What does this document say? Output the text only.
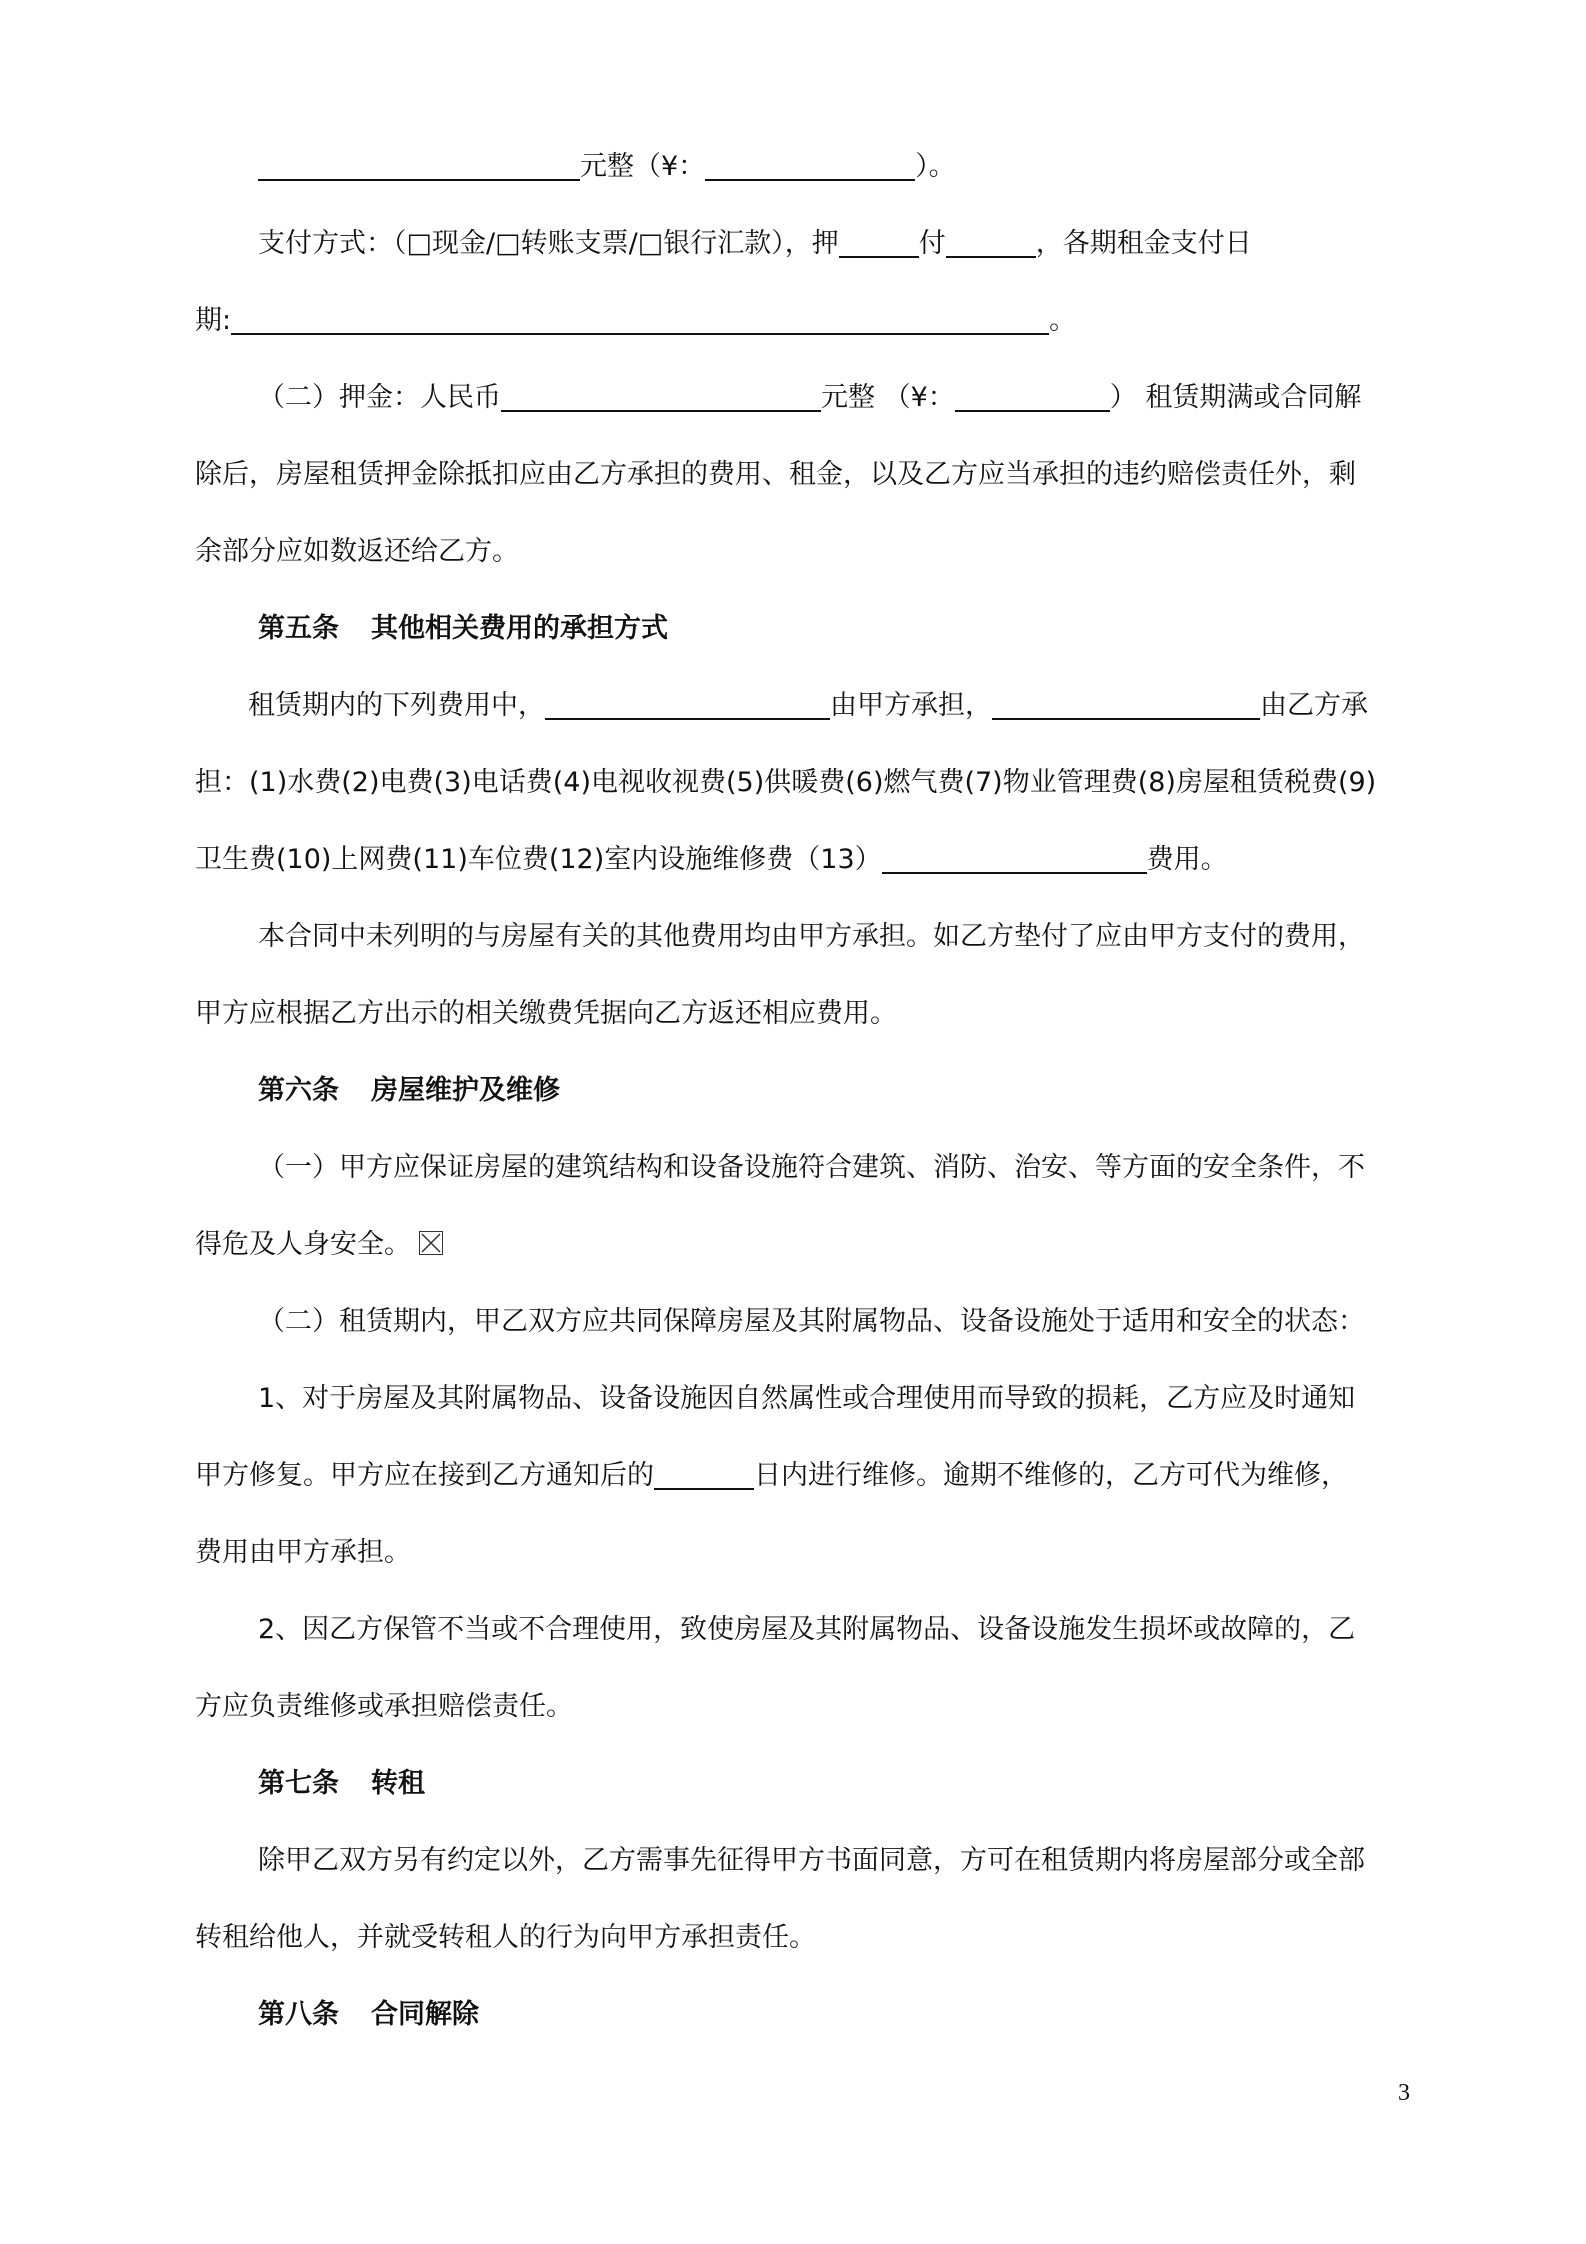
元整（¥：	）。
支付方式：（□现金/□转账支票/□银行汇款），押	付	，各期租金支付日
期:	。
（二）押金：人民币	元整 （¥：	） 租赁期满或合同解
除后，房屋租赁押金除抵扣应由乙方承担的费用、租金，以及乙方应当承担的违约赔偿责任外，剩
余部分应如数返还给乙方。
第五条 其他相关费用的承担方式
租赁期内的下列费用中，	由甲方承担，	由乙方承
担：(1)水费(2)电费(3)电话费(4)电视收视费(5)供暖费(6)燃气费(7)物业管理费(8)房屋租赁税费(9)
卫生费(10)上网费(11)车位费(12)室内设施维修费（13）	费用。
本合同中未列明的与房屋有关的其他费用均由甲方承担。如乙方垫付了应由甲方支付的费用，
甲方应根据乙方出示的相关缴费凭据向乙方返还相应费用。
第六条 房屋维护及维修
（一）甲方应保证房屋的建筑结构和设备设施符合建筑、消防、治安、等方面的安全条件，不
得危及人身安全。
（二）租赁期内，甲乙双方应共同保障房屋及其附属物品、设备设施处于适用和安全的状态：
1、对于房屋及其附属物品、设备设施因自然属性或合理使用而导致的损耗，乙方应及时通知
甲方修复。甲方应在接到乙方通知后的	日内进行维修。逾期不维修的，乙方可代为维修，
费用由甲方承担。
2、因乙方保管不当或不合理使用，致使房屋及其附属物品、设备设施发生损坏或故障的，乙
方应负责维修或承担赔偿责任。
第七条 转租
除甲乙双方另有约定以外，乙方需事先征得甲方书面同意，方可在租赁期内将房屋部分或全部
转租给他人，并就受转租人的行为向甲方承担责任。
第八条 合同解除
3
